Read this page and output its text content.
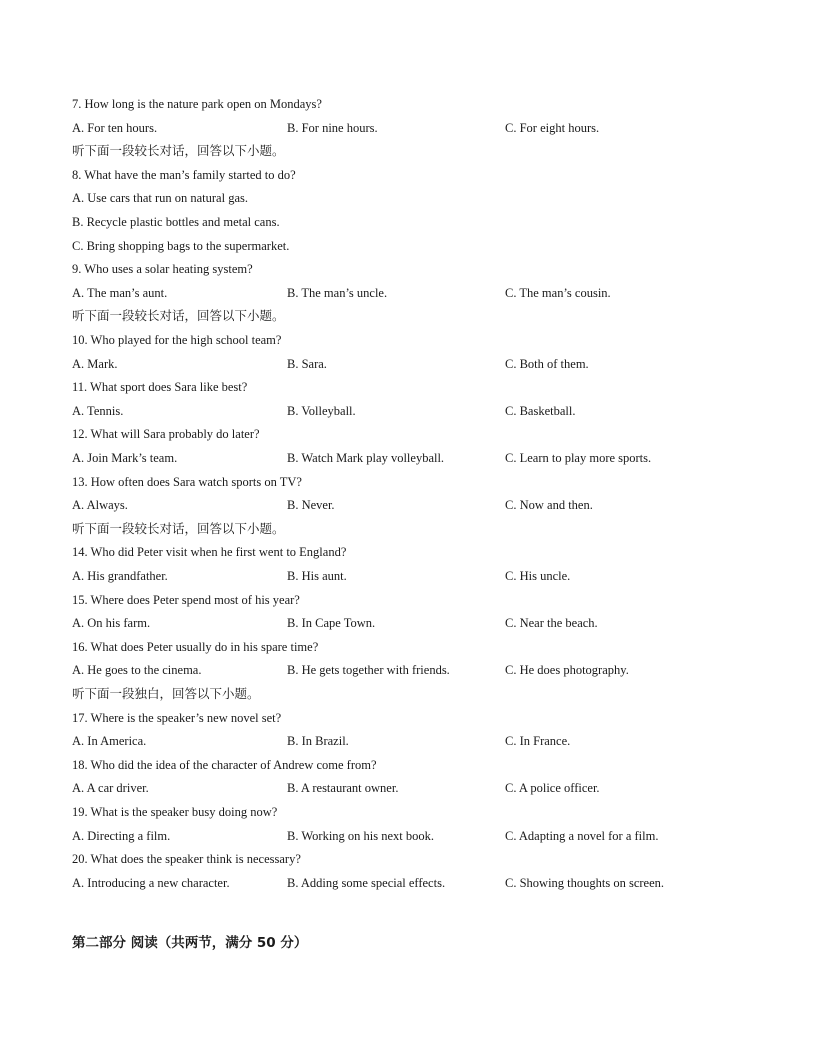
7. How long is the nature park open on Mondays?
A. For ten hours.	B. For nine hours.	C. For eight hours.
听下面一段较长对话，回答以下小题。
8. What have the man’s family started to do?
A. Use cars that run on natural gas.
B. Recycle plastic bottles and metal cans.
C. Bring shopping bags to the supermarket.
9. Who uses a solar heating system?
A. The man’s aunt.	B. The man’s uncle.	C. The man’s cousin.
听下面一段较长对话，回答以下小题。
10. Who played for the high school team?
A. Mark.	B. Sara.	C. Both of them.
11. What sport does Sara like best?
A. Tennis.	B. Volleyball.	C. Basketball.
12. What will Sara probably do later?
A. Join Mark’s team.	B. Watch Mark play volleyball.	C. Learn to play more sports.
13. How often does Sara watch sports on TV?
A. Always.	B. Never.	C. Now and then.
听下面一段较长对话，回答以下小题。
14. Who did Peter visit when he first went to England?
A. His grandfather.	B. His aunt.	C. His uncle.
15. Where does Peter spend most of his year?
A. On his farm.	B. In Cape Town.	C. Near the beach.
16. What does Peter usually do in his spare time?
A. He goes to the cinema.	B. He gets together with friends.	C. He does photography.
听下面一段独白，回答以下小题。
17. Where is the speaker’s new novel set?
A. In America.	B. In Brazil.	C. In France.
18. Who did the idea of the character of Andrew come from?
A. A car driver.	B. A restaurant owner.	C. A police officer.
19. What is the speaker busy doing now?
A. Directing a film.	B. Working on his next book.	C. Adapting a novel for a film.
20. What does the speaker think is necessary?
A. Introducing a new character.	B. Adding some special effects.	C. Showing thoughts on screen.
第二部分 阅读（共两节，满分 50 分）
